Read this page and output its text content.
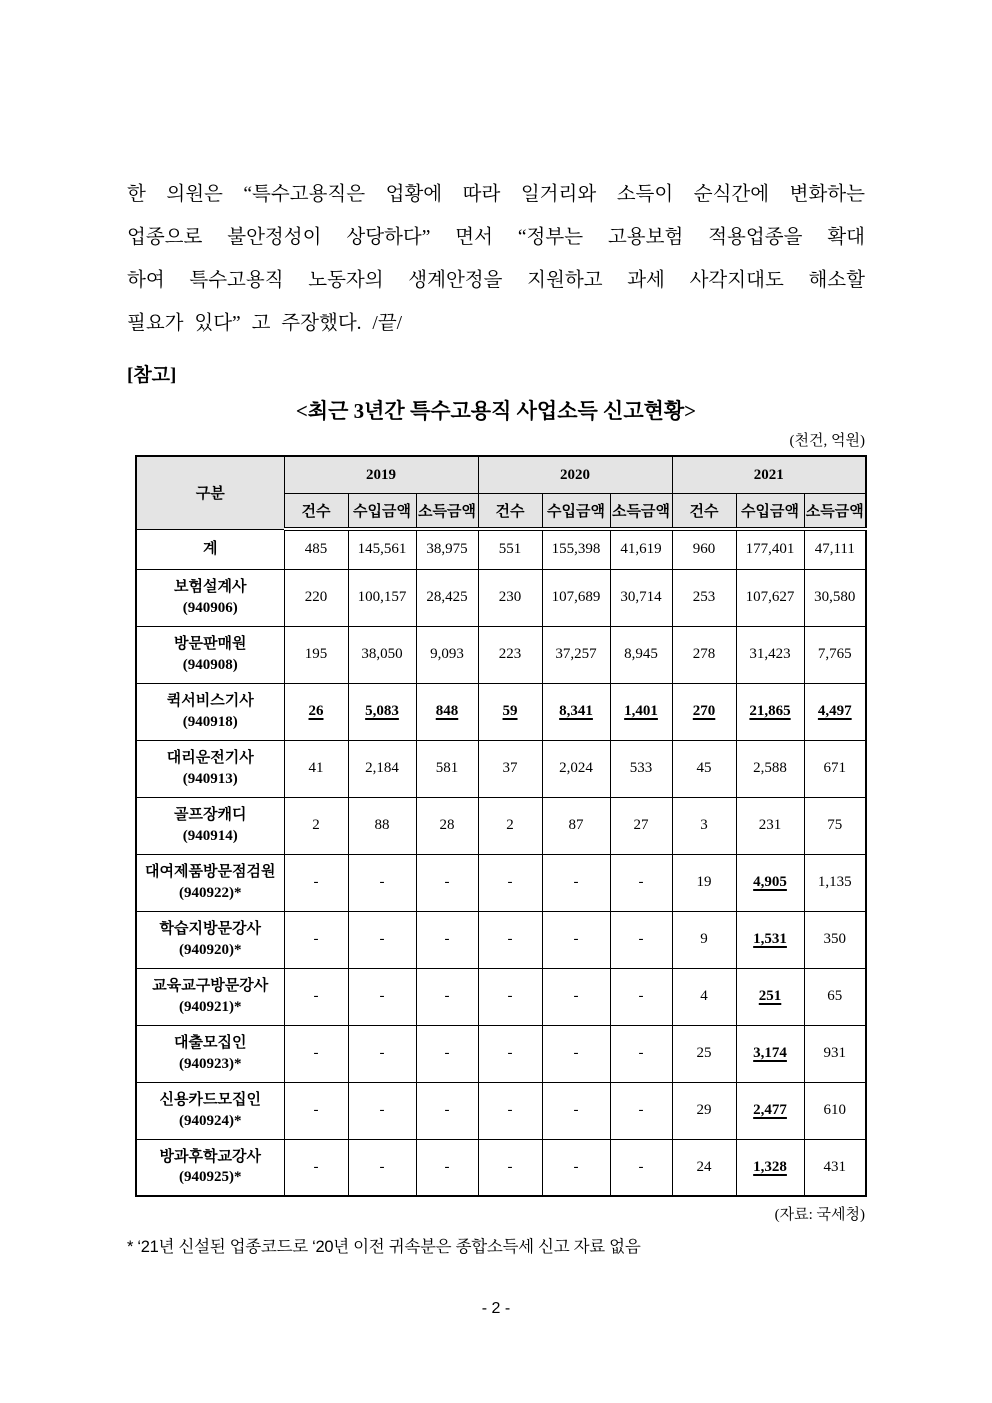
한 의원은 “특수고용직은 업황에 따라 일거리와 소득이 순식간에 변화하는
업종으로 불안정성이 상당하다” 면서 “정부는 고용보험 적용업종을 확대
하여 특수고용직 노동자의 생계안정을 지원하고 과세 사각지대도 해소할
필요가 있다” 고 주장했다. /끝/
[참고]
<최근 3년간 특수고용직 사업소득 신고현황>
(천건, 억원)
구분	2019			2020			2021		
	건수	수입금액	소득금액	건수	수입금액	소득금액	건수	수입금액	소득금액

계	485	145,561	38,975	551	155,398	41,619	960	177,401	47,111

보험설계사
(940906)	220	100,157	28,425	230	107,689	30,714	253	107,627	30,580

방문판매원
(940908)	195	38,050	9,093	223	37,257	8,945	278	31,423	7,765

퀵서비스기사
(940918)	26	5,083	848	59	8,341	1,401	270	21,865	4,497

대리운전기사
(940913)	41	2,184	581	37	2,024	533	45	2,588	671

골프장캐디
(940914)	2	88	28	2	87	27	3	231	75

대여제품방문점검원
(940922)*	-	-	-	-	-	-	19	4,905	1,135

학습지방문강사
(940920)*	-	-	-	-	-	-	9	1,531	350

교육교구방문강사
(940921)*	-	-	-	-	-	-	4	251	65

대출모집인
(940923)*	-	-	-	-	-	-	25	3,174	931

신용카드모집인
(940924)*	-	-	-	-	-	-	29	2,477	610

방과후학교강사
(940925)*	-	-	-	-	-	-	24	1,328	431
(자료: 국세청)
* ‘21년 신설된 업종코드로 ‘20년 이전 귀속분은 종합소득세 신고 자료 없음
- 2 -
